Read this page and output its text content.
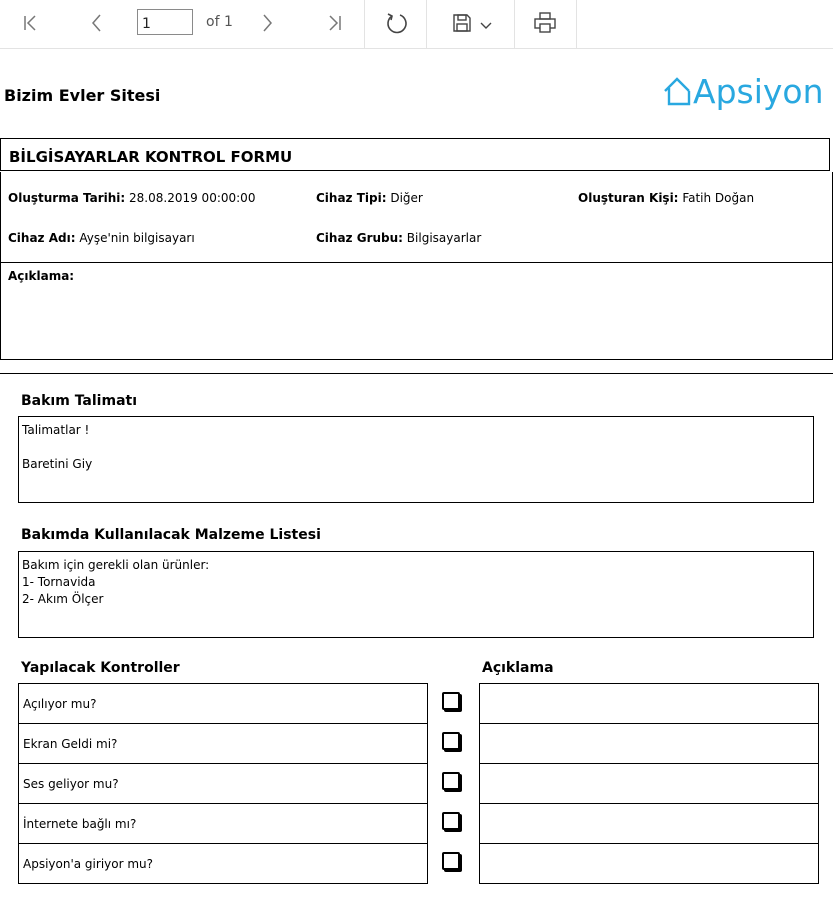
1
of 1
Bizim Evler Sitesi	Apsiyon
BİLGİSAYARLAR KONTROL FORMU
Oluşturma Tarihi: 28.08.2019 00:00:00	Cihaz Tipi: Diğer	Oluşturan Kişi: Fatih Doğan
Cihaz Adı: Ayşe'nin bilgisayarı	Cihaz Grubu: Bilgisayarlar
Açıklama:
Bakım Talimatı
Talimatlar !
Baretini Giy
Bakımda Kullanılacak Malzeme Listesi
Bakım için gerekli olan ürünler:
1- Tornavida
2- Akım Ölçer
Yapılacak Kontroller	Açıklama
Açılıyor mu?
Ekran Geldi mi?
Ses geliyor mu?
İnternete bağlı mı?
Apsiyon'a giriyor mu?
